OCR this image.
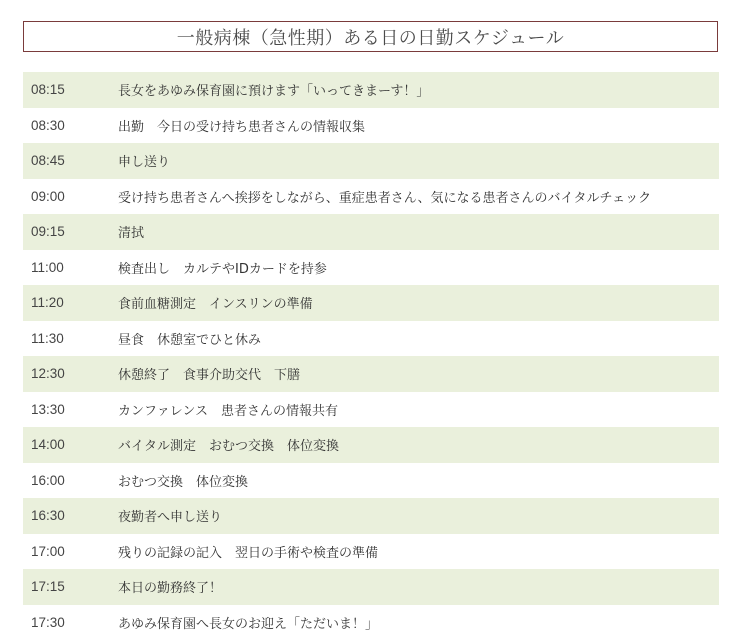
一般病棟（急性期）ある日の日勤スケジュール
08:15	長女をあゆみ保育園に預けます「いってきまーす！」
08:30	出勤　今日の受け持ち患者さんの情報収集
08:45	申し送り
09:00	受け持ち患者さんへ挨拶をしながら、重症患者さん、気になる患者さんのバイタルチェック
09:15	清拭
11:00	検査出し　カルテやIDカードを持参
11:20	食前血糖測定　インスリンの準備
11:30	昼食　休憩室でひと休み
12:30	休憩終了　食事介助交代　下膳
13:30	カンファレンス　患者さんの情報共有
14:00	バイタル測定　おむつ交換　体位変換
16:00	おむつ交換　体位変換
16:30	夜勤者へ申し送り
17:00	残りの記録の記入　翌日の手術や検査の準備
17:15	本日の勤務終了！
17:30	あゆみ保育園へ長女のお迎え「ただいま！」
